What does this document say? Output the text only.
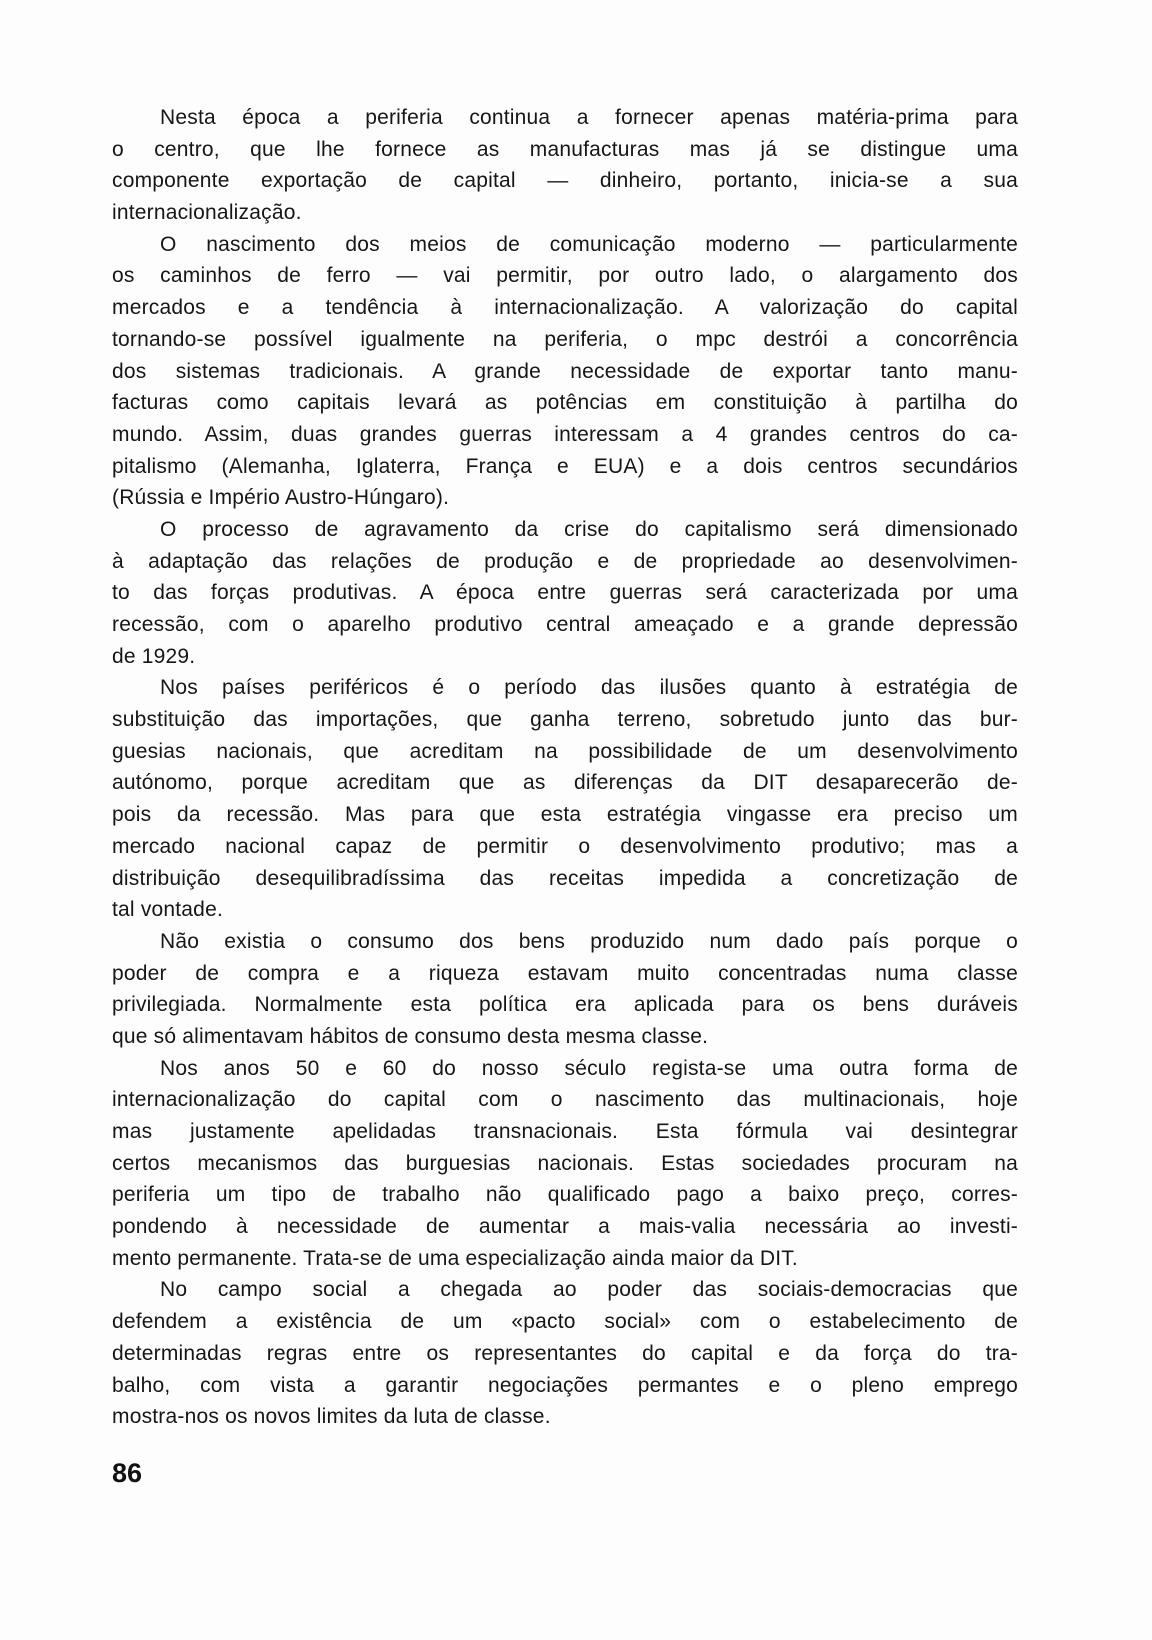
Nesta época a periferia continua a fornecer apenas matéria-prima para
o centro, que lhe fornece as manufacturas mas já se distingue uma
componente exportação de capital — dinheiro, portanto, inicia-se a sua
internacionalização.
O nascimento dos meios de comunicação moderno — particularmente
os caminhos de ferro — vai permitir, por outro lado, o alargamento dos
mercados e a tendência à internacionalização. A valorização do capital
tornando-se possível igualmente na periferia, o mpc destrói a concorrência
dos sistemas tradicionais. A grande necessidade de exportar tanto manu-
facturas como capitais levará as potências em constituição à partilha do
mundo. Assim, duas grandes guerras interessam a 4 grandes centros do ca-
pitalismo (Alemanha, Iglaterra, França e EUA) e a dois centros secundários
(Rússia e Império Austro-Húngaro).
O processo de agravamento da crise do capitalismo será dimensionado
à adaptação das relações de produção e de propriedade ao desenvolvimen-
to das forças produtivas. A época entre guerras será caracterizada por uma
recessão, com o aparelho produtivo central ameaçado e a grande depressão
de 1929.
Nos países periféricos é o período das ilusões quanto à estratégia de
substituição das importações, que ganha terreno, sobretudo junto das bur-
guesias nacionais, que acreditam na possibilidade de um desenvolvimento
autónomo, porque acreditam que as diferenças da DIT desaparecerão de-
pois da recessão. Mas para que esta estratégia vingasse era preciso um
mercado nacional capaz de permitir o desenvolvimento produtivo; mas a
distribuição desequilibradíssima das receitas impedida a concretização de
tal vontade.
Não existia o consumo dos bens produzido num dado país porque o
poder de compra e a riqueza estavam muito concentradas numa classe
privilegiada. Normalmente esta política era aplicada para os bens duráveis
que só alimentavam hábitos de consumo desta mesma classe.
Nos anos 50 e 60 do nosso século regista-se uma outra forma de
internacionalização do capital com o nascimento das multinacionais, hoje
mas justamente apelidadas transnacionais. Esta fórmula vai desintegrar
certos mecanismos das burguesias nacionais. Estas sociedades procuram na
periferia um tipo de trabalho não qualificado pago a baixo preço, corres-
pondendo à necessidade de aumentar a mais-valia necessária ao investi-
mento permanente. Trata-se de uma especialização ainda maior da DIT.
No campo social a chegada ao poder das sociais-democracias que
defendem a existência de um «pacto social» com o estabelecimento de
determinadas regras entre os representantes do capital e da força do tra-
balho, com vista a garantir negociações permantes e o pleno emprego
mostra-nos os novos limites da luta de classe.
86
